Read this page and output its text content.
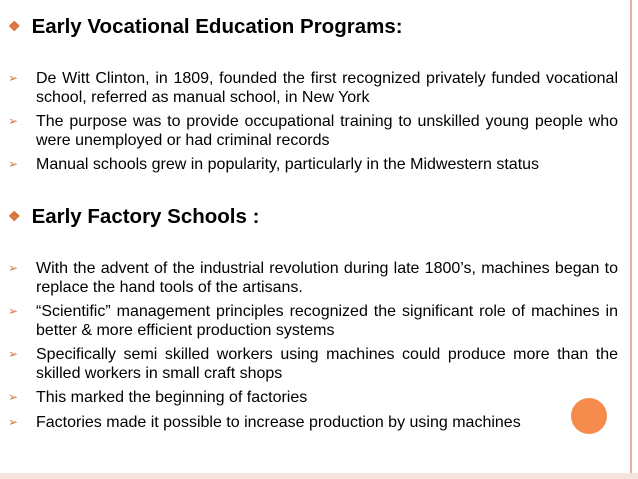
❖ Early Vocational Education Programs:
➢ De Witt Clinton, in 1809, founded the first recognized privately funded vocational school, referred as manual school, in New York
➢ The purpose was to provide occupational training to unskilled young people who were unemployed or had criminal records
➢ Manual schools grew in popularity, particularly in the Midwestern status
❖ Early Factory Schools :
➢ With the advent of the industrial revolution during late 1800’s, machines began to replace the hand tools of the artisans.
➢ “Scientific” management principles recognized the significant role of machines in better & more efficient production systems
➢ Specifically semi skilled workers using machines could produce more than the skilled workers in small craft shops
➢ This marked the beginning of factories
➢ Factories made it possible to increase production by using machines
